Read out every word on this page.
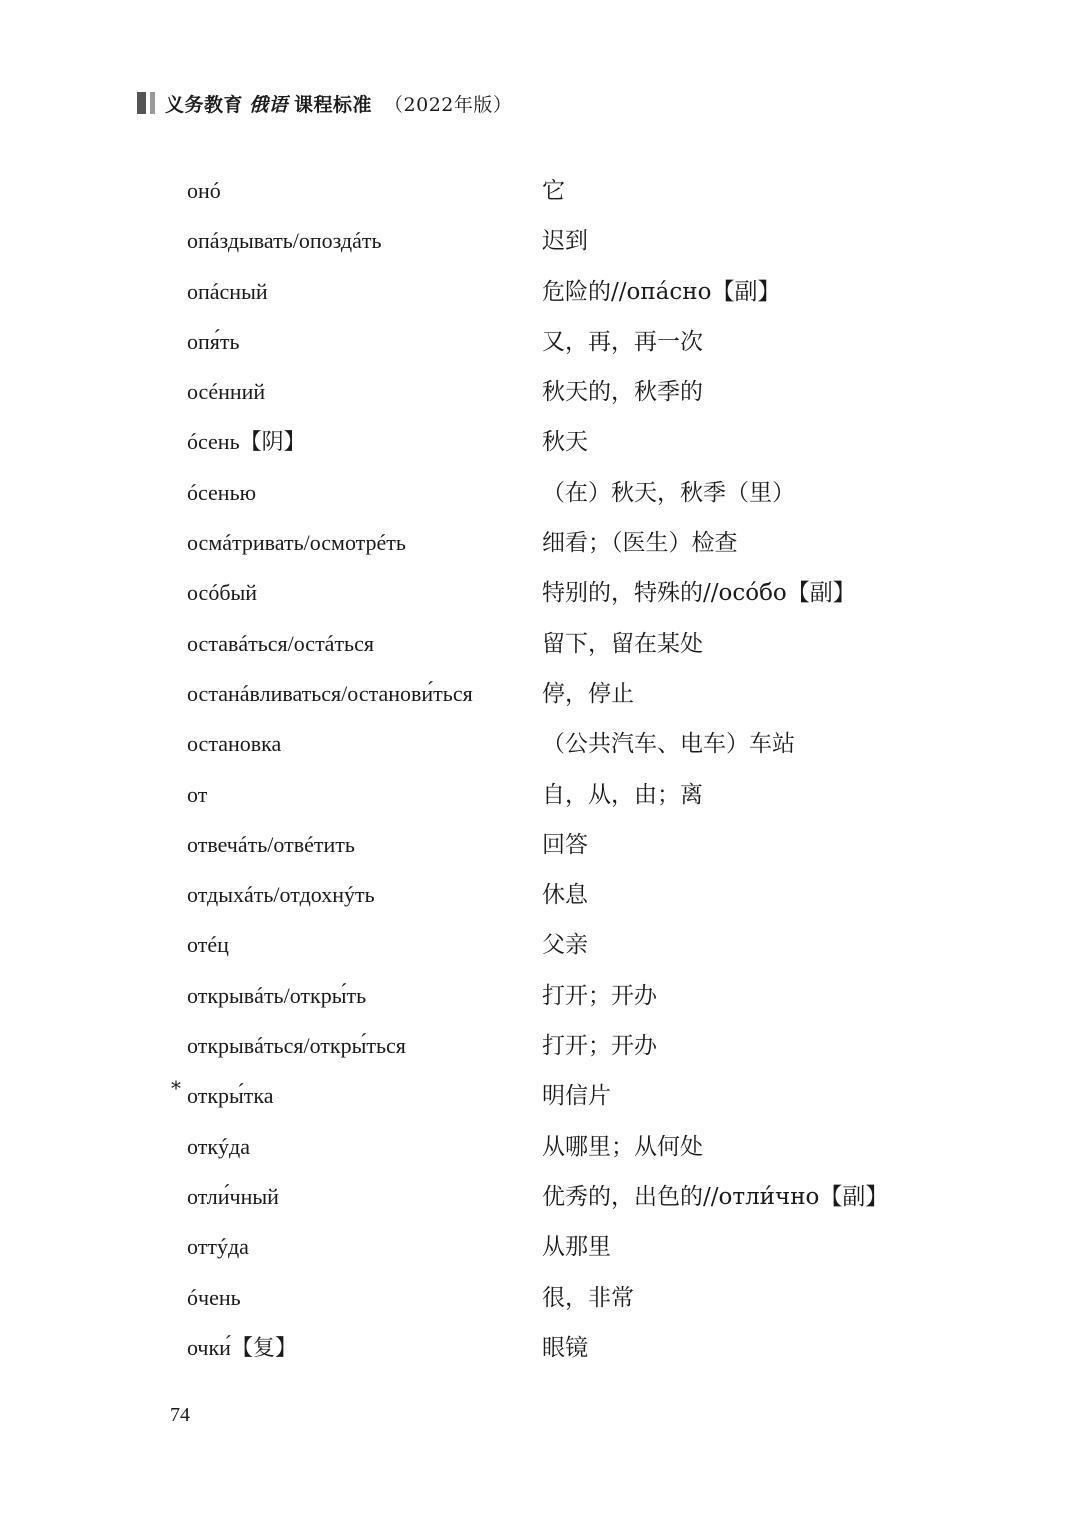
义务教育 俄语 课程标准 （2022年版）
онó	它
опáздывать/опоздáть	迟到
опáсный	危险的//опáсно【副】
опя́ть	又，再，再一次
осéнний	秋天的，秋季的
óсень【阴】	秋天
óсенью	（在）秋天，秋季（里）
осмáтривать/осмотрéть	细看；（医生）检查
осóбый	特别的，特殊的//осóбо【副】
оставáться/остáться	留下，留在某处
останáвливаться/останови́ться	停，停止
остановка	（公共汽车、电车）车站
от	自，从，由；离
отвечáть/отвéтить	回答
отдыхáть/отдохнýть	休息
отéц	父亲
открывáть/откры́ть	打开；开办
открывáться/откры́ться	打开；开办
* откры́тка	明信片
откýда	从哪里；从何处
отли́чный	优秀的，出色的//отли́чно【副】
оттýда	从那里
óчень	很，非常
очки́【复】	眼镜
74
